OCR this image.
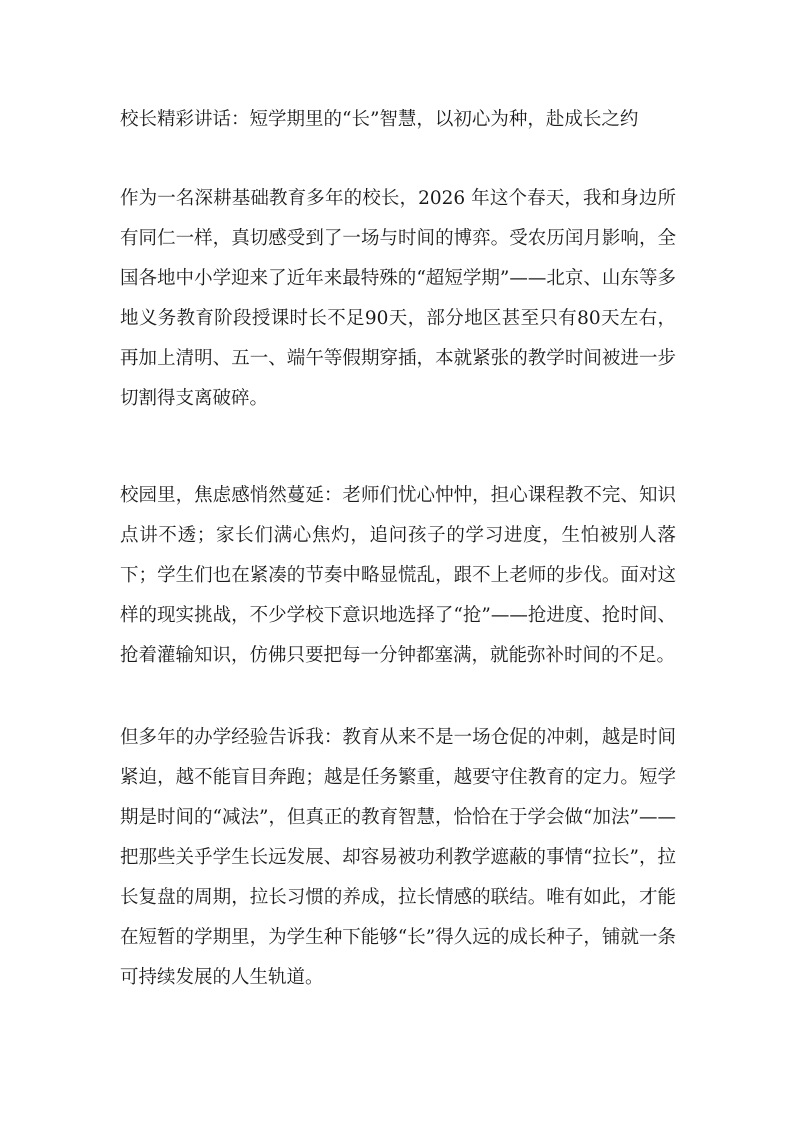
校长精彩讲话：短学期里的“长”智慧，以初心为种，赴成长之约

作为一名深耕基础教育多年的校长，2026 年这个春天，我和身边所有同仁一样，真切感受到了一场与时间的博弈。受农历闰月影响，全国各地中小学迎来了近年来最特殊的“超短学期”——北京、山东等多地义务教育阶段授课时长不足90天，部分地区甚至只有80天左右，再加上清明、五一、端午等假期穿插，本就紧张的教学时间被进一步切割得支离破碎。

校园里，焦虑感悄然蔓延：老师们忧心忡忡，担心课程教不完、知识点讲不透；家长们满心焦灼，追问孩子的学习进度，生怕被别人落下；学生们也在紧凑的节奏中略显慌乱，跟不上老师的步伐。面对这样的现实挑战，不少学校下意识地选择了“抢”——抢进度、抢时间、抢着灌输知识，仿佛只要把每一分钟都塞满，就能弥补时间的不足。

但多年的办学经验告诉我：教育从来不是一场仓促的冲刺，越是时间紧迫，越不能盲目奔跑；越是任务繁重，越要守住教育的定力。短学期是时间的“减法”，但真正的教育智慧，恰恰在于学会做“加法”——把那些关乎学生长远发展、却容易被功利教学遮蔽的事情“拉长”，拉长复盘的周期，拉长习惯的养成，拉长情感的联结。唯有如此，才能在短暂的学期里，为学生种下能够“长”得久远的成长种子，铺就一条可持续发展的人生轨道。
